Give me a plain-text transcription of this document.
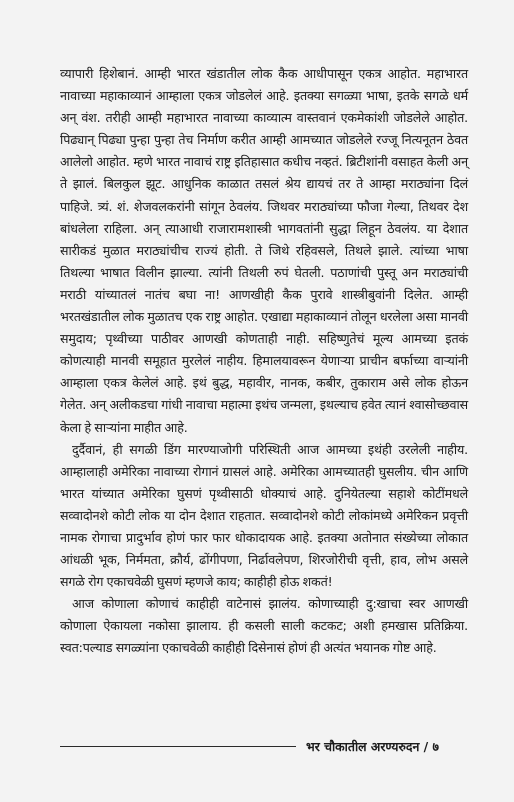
व्यापारी हिशेबानं. आम्ही भारत खंडातील लोक कैक आधीपासून एकत्र आहोत. महाभारत नावाच्या महाकाव्यानं आम्हाला एकत्र जोडलेलं आहे. इतक्या सगळ्या भाषा, इतके सगळे धर्म अन् वंश. तरीही आम्ही महाभारत नावाच्या काव्यात्म वास्तवानं एकमेकांशी जोडलेले आहोत. पिढ्यान् पिढ्या पुन्हा पुन्हा तेच निर्माण करीत आम्ही आमच्यात जोडलेले रज्जू नित्यनूतन ठेवत आलेलो आहोत. म्हणे भारत नावाचं राष्ट्र इतिहासात कधीच नव्हतं. ब्रिटीशांनी वसाहत केली अन् ते झालं. बिलकुल झूट. आधुनिक काळात तसलं श्रेय द्यायचं तर ते आम्हा मराठ्यांना दिलं पाहिजे. त्र्यं. शं. शेजवलकरांनी सांगून ठेवलंय. जिथवर मराठ्यांच्या फौजा गेल्या, तिथवर देश बांधलेला राहिला. अन् त्याआधी राजारामशास्त्री भागवतांनी सुद्धा लिहून ठेवलंय. या देशात सारीकडं मुळात मराठ्यांचीच राज्यं होती. ते जिथे रहिवसले, तिथले झाले. त्यांच्या भाषा तिथल्या भाषात विलीन झाल्या. त्यांनी तिथली रुपं घेतली. पठाणांची पुस्तू अन मराठ्यांची मराठी यांच्यातलं नातंच बघा ना! आणखीही कैक पुरावे शास्त्रीबुवांनी दिलेत. आम्ही भरतखंडातील लोक मुळातच एक राष्ट्र आहोत. एखाद्या महाकाव्यानं तोलून धरलेला असा मानवी समुदाय; पृथ्वीच्या पाठीवर आणखी कोणताही नाही. सहिष्णुतेचं मूल्य आमच्या इतकं कोणत्याही मानवी समूहात मुरलेलं नाहीय. हिमालयावरून येणाऱ्या प्राचीन बर्फाच्या वाऱ्यांनी आम्हाला एकत्र केलेलं आहे. इथं बुद्ध, महावीर, नानक, कबीर, तुकाराम असे लोक होऊन गेलेत. अन् अलीकडचा गांधी नावाचा महात्मा इथंच जन्मला, इथल्याच हवेत त्यानं श्वासोच्छवास केला हे साऱ्यांना माहीत आहे.

दुर्दैवानं, ही सगळी डिंग मारण्याजोगी परिस्थिती आज आमच्या इथंही उरलेली नाहीय. आम्हालाही अमेरिका नावाच्या रोगानं ग्रासलं आहे. अमेरिका आमच्यातही घुसलीय. चीन आणि भारत यांच्यात अमेरिका घुसणं पृथ्वीसाठी धोक्याचं आहे. दुनियेतल्या सहाशे कोटींमधले सव्वादोनशे कोटी लोक या दोन देशात राहतात. सव्वादोनशे कोटी लोकांमध्ये अमेरिकन प्रवृत्ती नामक रोगाचा प्रादुर्भाव होणं फार फार धोकादायक आहे. इतक्या अतोनात संख्येच्या लोकात आंधळी भूक, निर्ममता, क्रौर्य, ढोंगीपणा, निर्ढावलेपण, शिरजोरीची वृत्ती, हाव, लोभ असले सगळे रोग एकाचवेळी घुसणं म्हणजे काय; काहीही होऊ शकतं!

आज कोणाला कोणाचं काहीही वाटेनासं झालंय. कोणाच्याही दु:खाचा स्वर आणखी कोणाला ऐकायला नकोसा झालाय. ही कसली साली कटकट; अशी हमखास प्रतिक्रिया. स्वत:पल्याड सगळ्यांना एकाचवेळी काहीही दिसेनासं होणं ही अत्यंत भयानक गोष्ट आहे.

भर चौकातील अरण्यरुदन / ७
